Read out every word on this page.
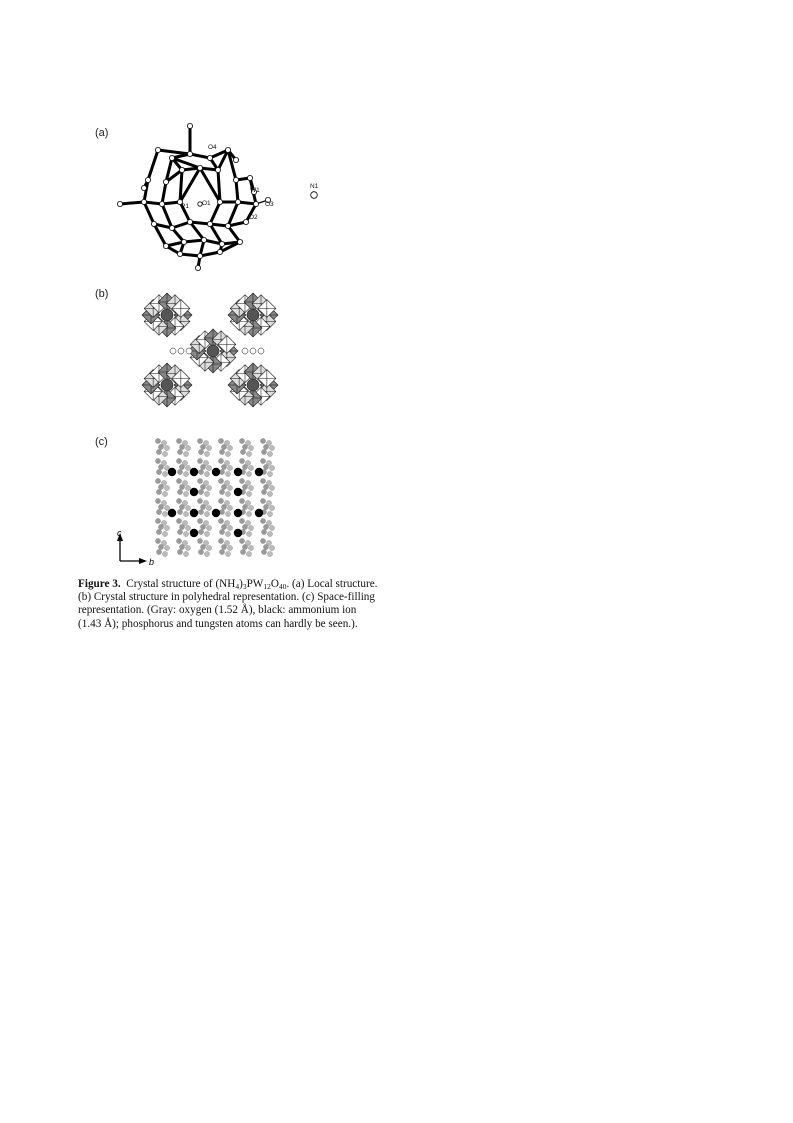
(a)
(b)
(c)
O4
W1
N1
P1 O1	O3
O2
c
b
Figure 3. Crystal structure of $(NH_4)_3PW_{12}O_{40}$. (a) Local structure. (b) Crystal structure in polyhedral representation. (c) Space-filling representation. (Gray: oxygen (1.52 Å), black: ammonium ion (1.43 Å); phosphorus and tungsten atoms can hardly be seen.).
